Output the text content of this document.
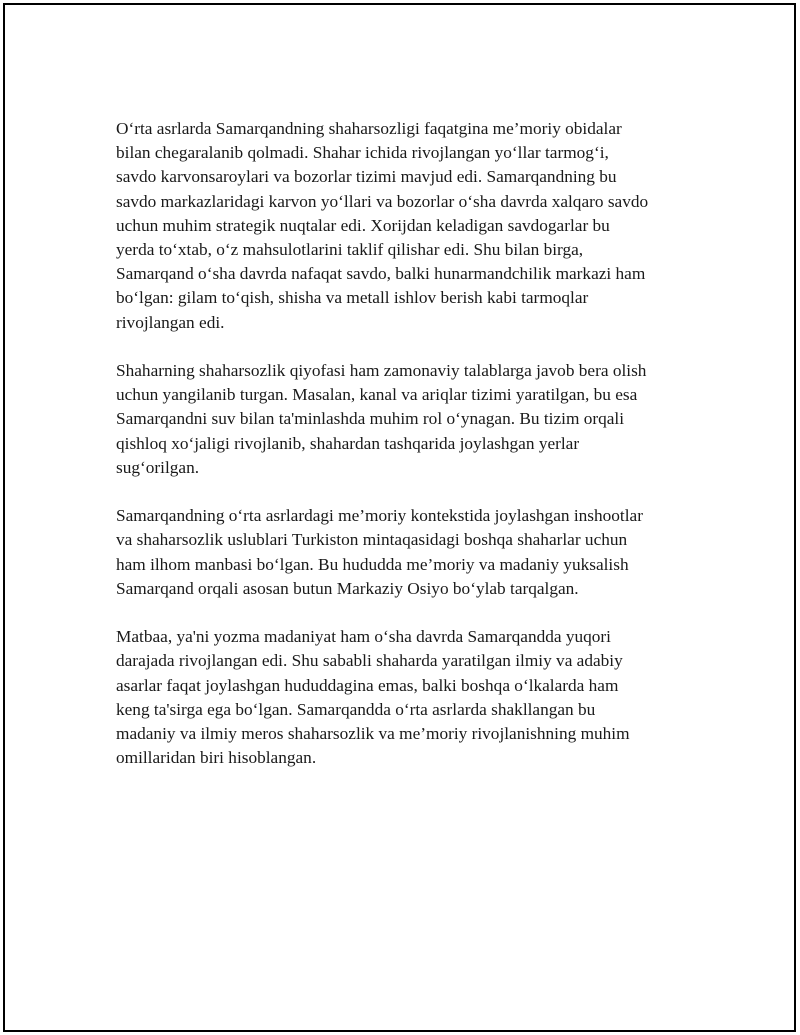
O‘rta asrlarda Samarqandning shaharsozligi faqatgina me’moriy obidalar
bilan chegaralanib qolmadi. Shahar ichida rivojlangan yo‘llar tarmog‘i,
savdo karvonsaroylari va bozorlar tizimi mavjud edi. Samarqandning bu
savdo markazlaridagi karvon yo‘llari va bozorlar o‘sha davrda xalqaro savdo
uchun muhim strategik nuqtalar edi. Xorijdan keladigan savdogarlar bu
yerda to‘xtab, o‘z mahsulotlarini taklif qilishar edi. Shu bilan birga,
Samarqand o‘sha davrda nafaqat savdo, balki hunarmandchilik markazi ham
bo‘lgan: gilam to‘qish, shisha va metall ishlov berish kabi tarmoqlar
rivojlangan edi.

Shaharning shaharsozlik qiyofasi ham zamonaviy talablarga javob bera olish
uchun yangilanib turgan. Masalan, kanal va ariqlar tizimi yaratilgan, bu esa
Samarqandni suv bilan ta'minlashda muhim rol o‘ynagan. Bu tizim orqali
qishloq xo‘jaligi rivojlanib, shahardan tashqarida joylashgan yerlar
sug‘orilgan.

Samarqandning o‘rta asrlardagi me’moriy kontekstida joylashgan inshootlar
va shaharsozlik uslublari Turkiston mintaqasidagi boshqa shaharlar uchun
ham ilhom manbasi bo‘lgan. Bu hududda me’moriy va madaniy yuksalish
Samarqand orqali asosan butun Markaziy Osiyo bo‘ylab tarqalgan.

Matbaa, ya'ni yozma madaniyat ham o‘sha davrda Samarqandda yuqori
darajada rivojlangan edi. Shu sababli shaharda yaratilgan ilmiy va adabiy
asarlar faqat joylashgan hududdagina emas, balki boshqa o‘lkalarda ham
keng ta'sirga ega bo‘lgan. Samarqandda o‘rta asrlarda shakllangan bu
madaniy va ilmiy meros shaharsozlik va me’moriy rivojlanishning muhim
omillaridan biri hisoblangan.
